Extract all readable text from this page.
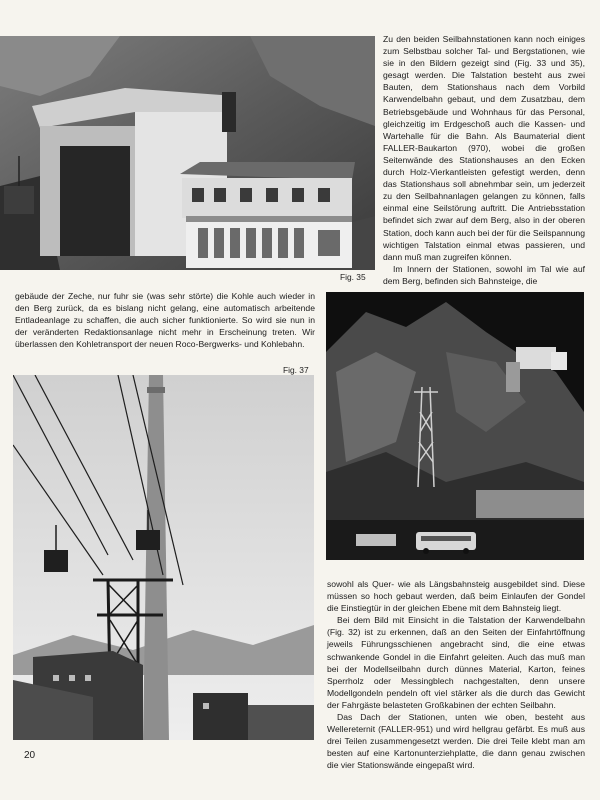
Fig. 35

Zu den beiden Seilbahnstationen kann noch einiges zum Selbstbau solcher Tal- und Bergstationen, wie sie in den Bildern gezeigt sind (Fig. 33 und 35), gesagt werden. Die Talstation besteht aus zwei Bauten, dem Stationshaus nach dem Vorbild Karwendelbahn gebaut, und dem Zusatzbau, dem Betriebsgebäude und Wohnhaus für das Personal, gleichzeitig im Erdgeschoß auch die Kassen- und Wartehalle für die Bahn. Als Baumaterial dient FALLER-Baukarton (970), wobei die großen Seitenwände des Stationshauses an den Ecken durch Holz-Vierkantleisten gefestigt werden, denn das Stationshaus soll abnehmbar sein, um jederzeit zu den Seilbahnanlagen gelangen zu können, falls einmal eine Seilstörung auftritt. Die Antriebsstation befindet sich zwar auf dem Berg, also in der oberen Station, doch kann auch bei der für die Seilspannung wichtigen Talstation einmal etwas passieren, und dann muß man zugreifen können.

Im Innern der Stationen, sowohl im Tal wie auf dem Berg, befinden sich Bahnsteige, die

gebäude der Zeche, nur fuhr sie (was sehr störte) die Kohle auch wieder in den Berg zurück, da es bislang nicht gelang, eine automatisch arbeitende Entladeanlage zu schaffen, die auch sicher funktionierte. So wird sie nun in der veränderten Redaktionsanlage nicht mehr in Erscheinung treten. Wir überlassen den Kohletransport der neuen Roco-Bergwerks- und Kohlebahn.

Fig. 37

sowohl als Quer- wie als Längsbahnsteig ausgebildet sind. Diese müssen so hoch gebaut werden, daß beim Einlaufen der Gondel die Einstiegtür in der gleichen Ebene mit dem Bahnsteig liegt.

Bei dem Bild mit Einsicht in die Talstation der Karwendelbahn (Fig. 32) ist zu erkennen, daß an den Seiten der Einfahrtöffnung jeweils Führungsschienen angebracht sind, die eine etwas schwankende Gondel in die Einfahrt geleiten. Auch das muß man bei der Modellseilbahn durch dünnes Material, Karton, feines Sperrholz oder Messingblech nachgestalten, denn unsere Modellgondeln pendeln oft viel stärker als die durch das Gewicht der Fahrgäste belasteten Großkabinen der echten Seilbahn.

Das Dach der Stationen, unten wie oben, besteht aus Wellereternit (FALLER-951) und wird hellgrau gefärbt. Es muß aus drei Teilen zusammengesetzt werden. Die drei Teile klebt man am besten auf eine Kartonunterziehplatte, die dann genau zwischen die vier Stationswände eingepaßt wird.

20
